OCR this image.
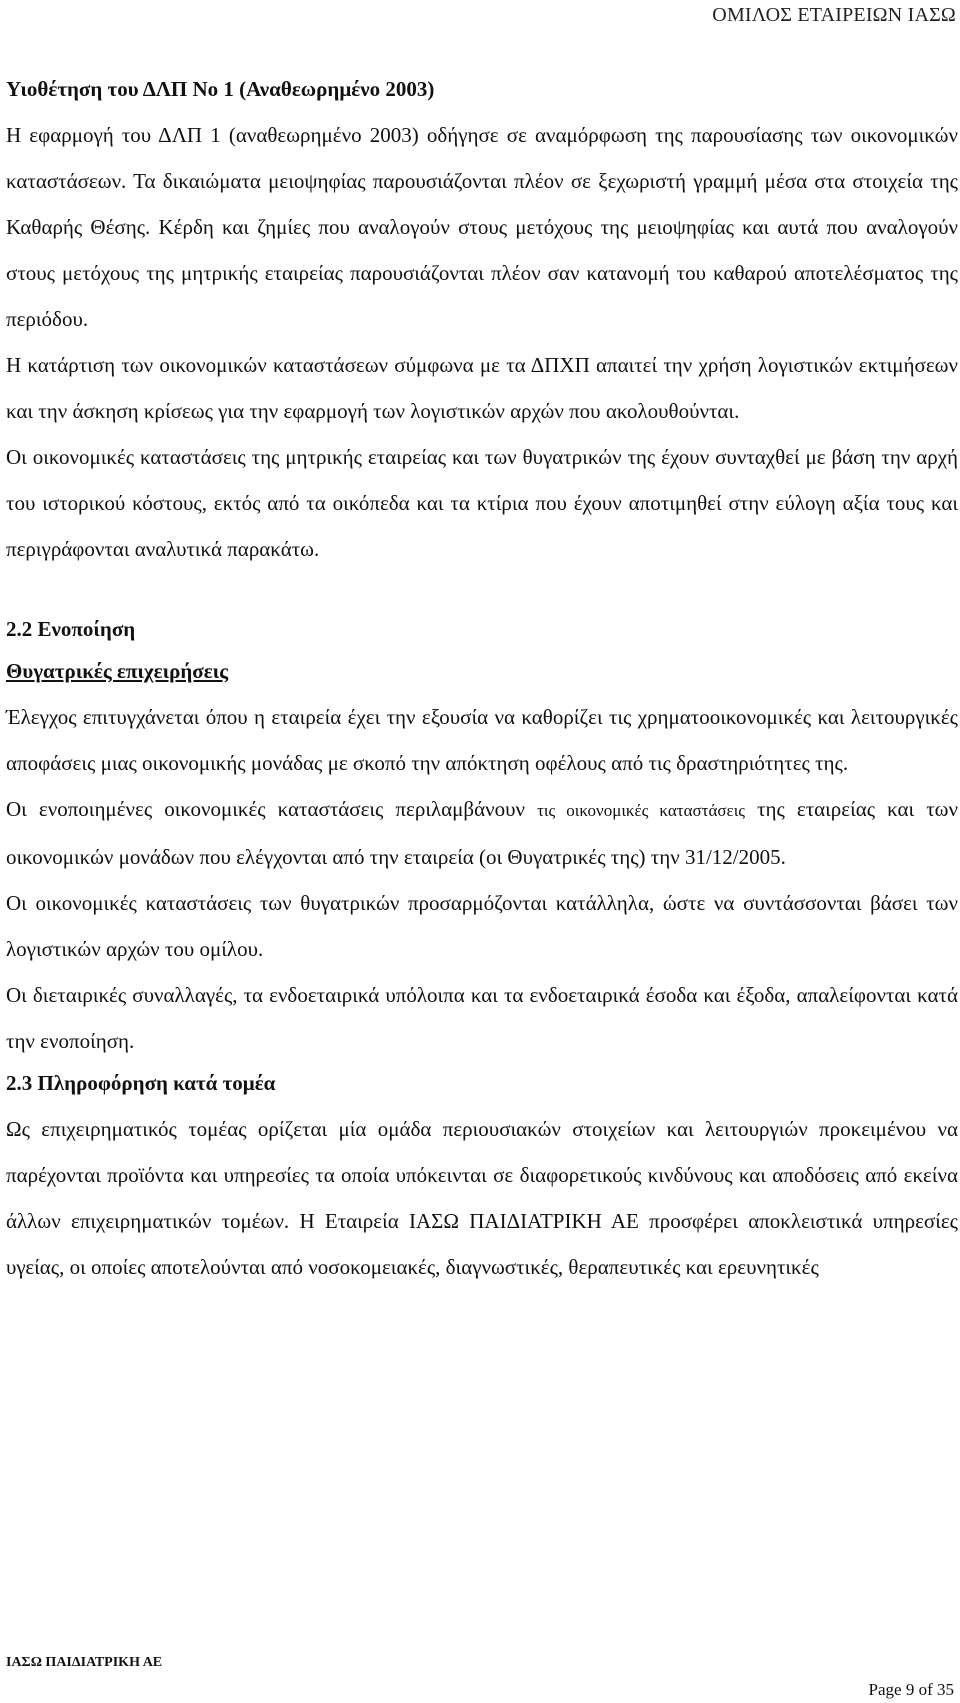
ΟΜΙΛΟΣ ΕΤΑΙΡΕΙΩΝ ΙΑΣΩ
Υιοθέτηση του ΔΛΠ Νο 1 (Αναθεωρημένο 2003)

Η εφαρμογή του ΔΛΠ 1 (αναθεωρημένο 2003) οδήγησε σε αναμόρφωση της παρουσίασης των οικονομικών καταστάσεων. Τα δικαιώματα μειοψηφίας παρουσιάζονται πλέον σε ξεχωριστή γραμμή μέσα στα στοιχεία της Καθαρής Θέσης. Κέρδη και ζημίες που αναλογούν στους μετόχους της μειοψηφίας και αυτά που αναλογούν στους μετόχους της μητρικής εταιρείας παρουσιάζονται πλέον σαν κατανομή του καθαρού αποτελέσματος της περιόδου.

Η κατάρτιση των οικονομικών καταστάσεων σύμφωνα με τα ΔΠΧΠ απαιτεί την χρήση λογιστικών εκτιμήσεων και την άσκηση κρίσεως για την εφαρμογή των λογιστικών αρχών που ακολουθούνται.

Οι οικονομικές καταστάσεις της μητρικής εταιρείας και των θυγατρικών της έχουν συνταχθεί με βάση την αρχή του ιστορικού κόστους, εκτός από τα οικόπεδα και τα κτίρια που έχουν αποτιμηθεί στην εύλογη αξία τους και περιγράφονται αναλυτικά παρακάτω.

2.2 Ενοποίηση
Θυγατρικές επιχειρήσεις

Έλεγχος επιτυγχάνεται όπου η εταιρεία έχει την εξουσία να καθορίζει τις χρηματοοικονομικές και λειτουργικές αποφάσεις μιας οικονομικής μονάδας με σκοπό την απόκτηση οφέλους από τις δραστηριότητες της.

Οι ενοποιημένες οικονομικές καταστάσεις περιλαμβάνουν τις οικονομικές καταστάσεις της εταιρείας και των οικονομικών μονάδων που ελέγχονται από την εταιρεία (οι Θυγατρικές της) την 31/12/2005.

Οι οικονομικές καταστάσεις των θυγατρικών προσαρμόζονται κατάλληλα, ώστε να συντάσσονται βάσει των λογιστικών αρχών του ομίλου.

Οι διεταιρικές συναλλαγές, τα ενδοεταιρικά υπόλοιπα και τα ενδοεταιρικά έσοδα και έξοδα, απαλείφονται κατά την ενοποίηση.

2.3 Πληροφόρηση κατά τομέα

Ως επιχειρηματικός τομέας ορίζεται μία ομάδα περιουσιακών στοιχείων και λειτουργιών προκειμένου να παρέχονται προϊόντα και υπηρεσίες τα οποία υπόκεινται σε διαφορετικούς κινδύνους και αποδόσεις από εκείνα άλλων επιχειρηματικών τομέων. Η Εταιρεία ΙΑΣΩ ΠΑΙΔΙΑΤΡΙΚΗ ΑΕ προσφέρει αποκλειστικά υπηρεσίες υγείας, οι οποίες αποτελούνται από νοσοκομειακές, διαγνωστικές, θεραπευτικές και ερευνητικές

ΙΑΣΩ ΠΑΙΔΙΑΤΡΙΚΗ ΑΕ
Page 9 of 35
